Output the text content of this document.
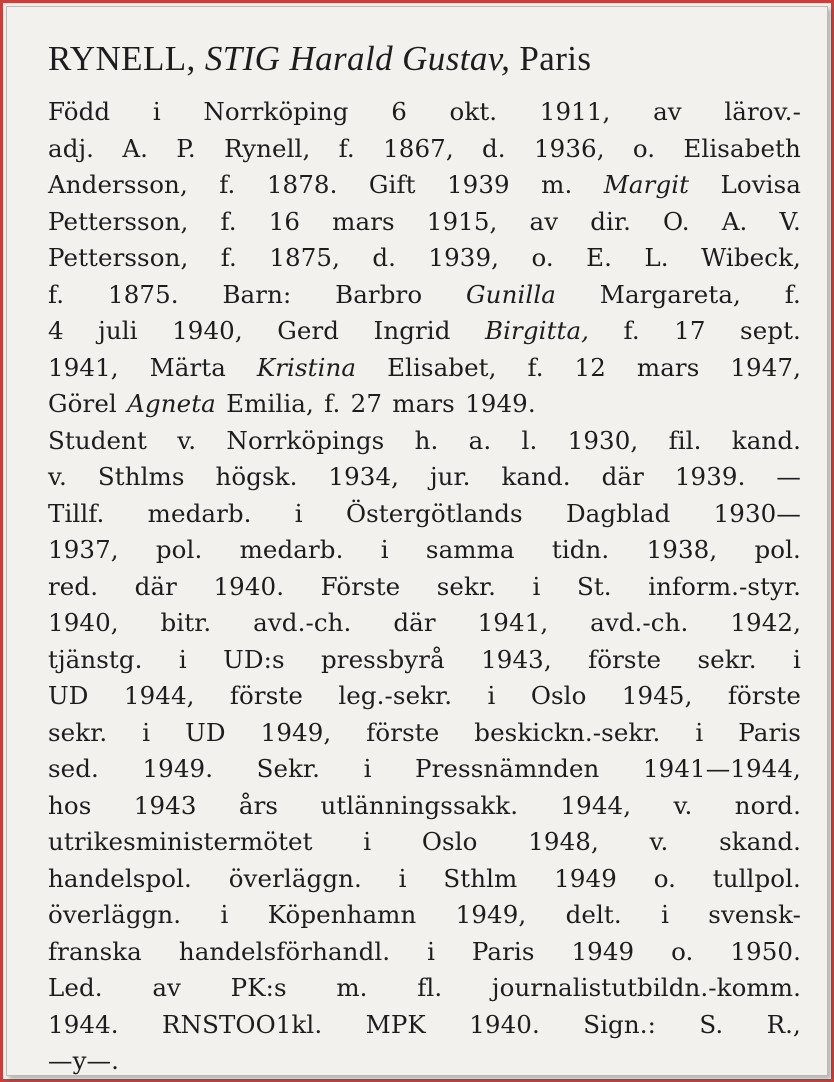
RYNELL, STIG Harald Gustav, Paris
Född i Norrköping 6 okt. 1911, av lärov.-
adj. A. P. Rynell, f. 1867, d. 1936, o. Elisabeth
Andersson, f. 1878. Gift 1939 m. Margit Lovisa
Pettersson, f. 16 mars 1915, av dir. O. A. V.
Pettersson, f. 1875, d. 1939, o. E. L. Wibeck,
f. 1875. Barn: Barbro Gunilla Margareta, f.
4 juli 1940, Gerd Ingrid Birgitta, f. 17 sept.
1941, Märta Kristina Elisabet, f. 12 mars 1947,
Görel Agneta Emilia, f. 27 mars 1949.
Student v. Norrköpings h. a. l. 1930, fil. kand.
v. Sthlms högsk. 1934, jur. kand. där 1939. —
Tillf. medarb. i Östergötlands Dagblad 1930—
1937, pol. medarb. i samma tidn. 1938, pol.
red. där 1940. Förste sekr. i St. inform.-styr.
1940, bitr. avd.-ch. där 1941, avd.-ch. 1942,
tjänstg. i UD:s pressbyrå 1943, förste sekr. i
UD 1944, förste leg.-sekr. i Oslo 1945, förste
sekr. i UD 1949, förste beskickn.-sekr. i Paris
sed. 1949. Sekr. i Pressnämnden 1941—1944,
hos 1943 års utlänningssakk. 1944, v. nord.
utrikesministermötet i Oslo 1948, v. skand.
handelspol. överläggn. i Sthlm 1949 o. tullpol.
överläggn. i Köpenhamn 1949, delt. i svensk-
franska handelsförhandl. i Paris 1949 o. 1950.
Led. av PK:s m. fl. journalistutbildn.-komm.
1944. RNSTOO1kl. MPK 1940. Sign.: S. R.,
—y—.
